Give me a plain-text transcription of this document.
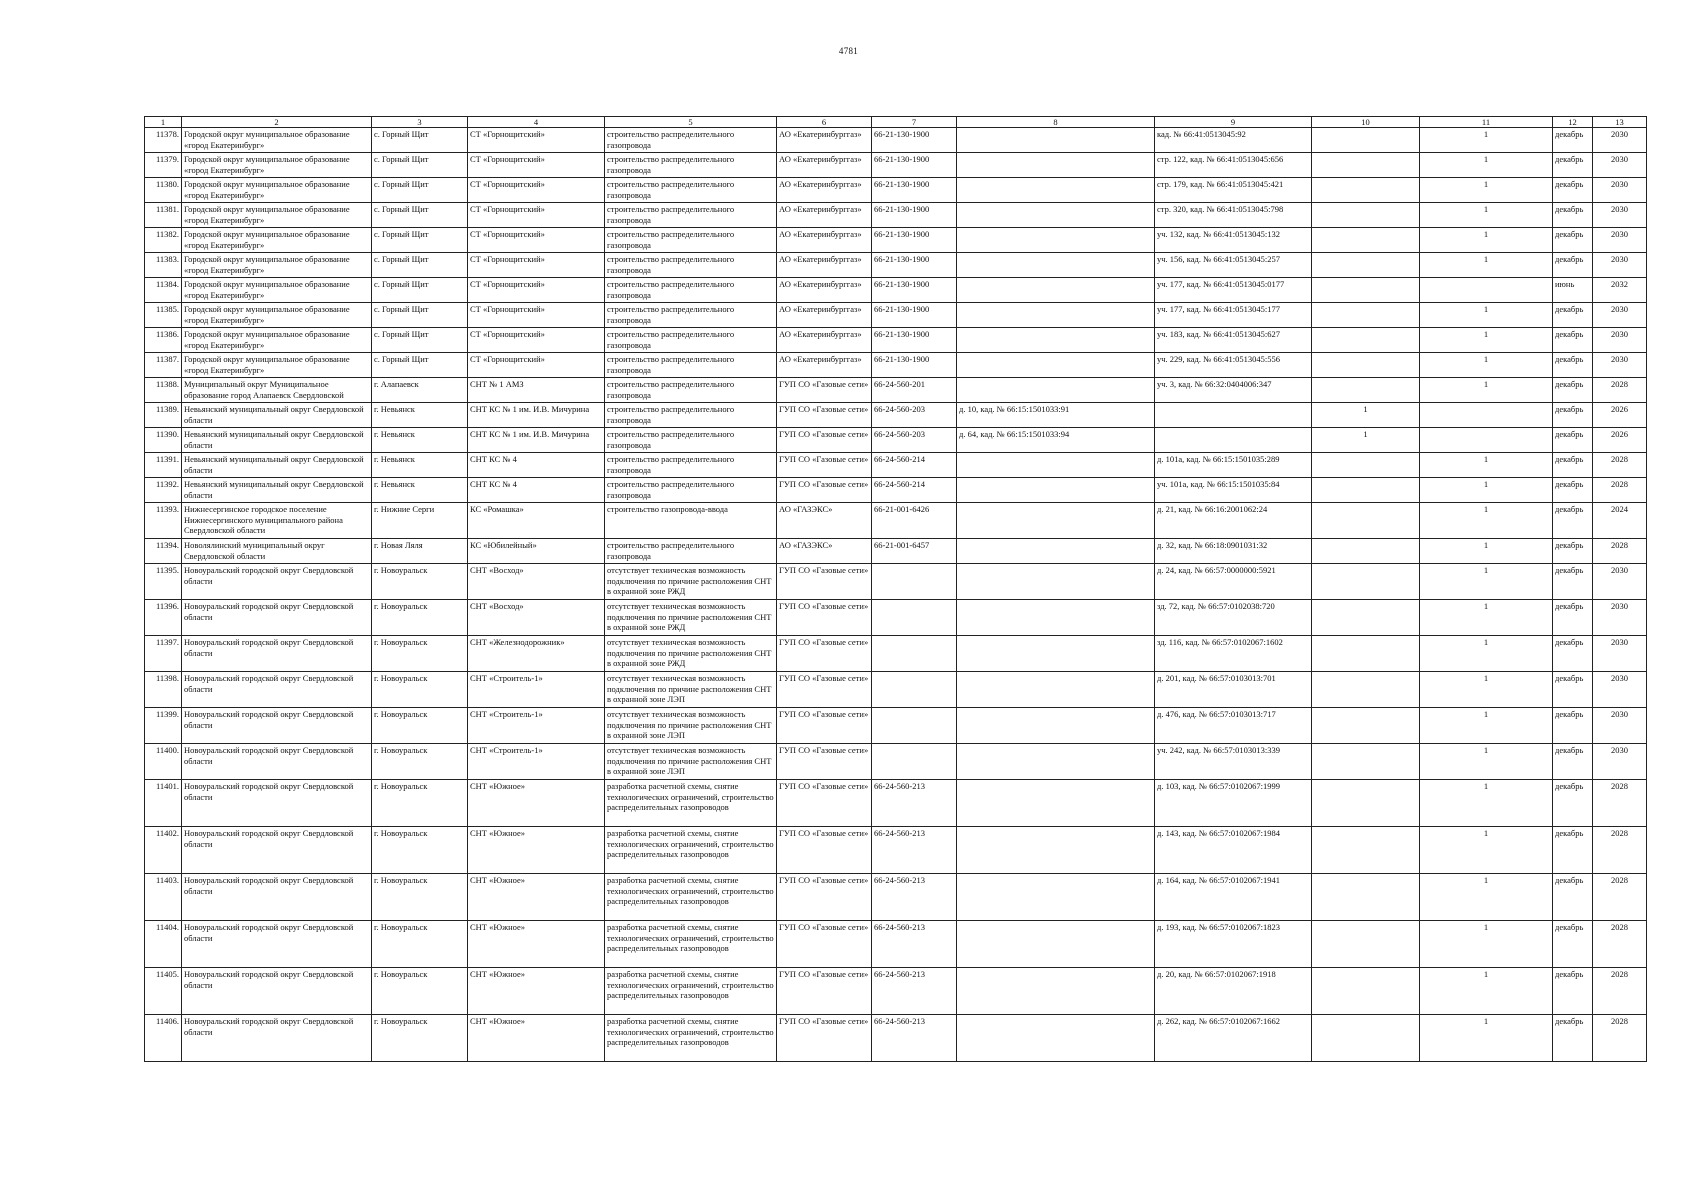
4781
1	2	3	4	5	6	7	8	9	10	11	12	13
11378.	Городской округ муниципальное образование «город Екатеринбург»	с. Горный Щит	СТ «Горнощитский»	строительство распределительного газопровода	АО «Екатеринбурггаз»	66-21-130-1900		кад. № 66:41:0513045:92		1	декабрь	2030
11379.	Городской округ муниципальное образование «город Екатеринбург»	с. Горный Щит	СТ «Горнощитский»	строительство распределительного газопровода	АО «Екатеринбурггаз»	66-21-130-1900		стр. 122, кад. № 66:41:0513045:656		1	декабрь	2030
11380.	Городской округ муниципальное образование «город Екатеринбург»	с. Горный Щит	СТ «Горнощитский»	строительство распределительного газопровода	АО «Екатеринбурггаз»	66-21-130-1900		стр. 179, кад. № 66:41:0513045:421		1	декабрь	2030
11381.	Городской округ муниципальное образование «город Екатеринбург»	с. Горный Щит	СТ «Горнощитский»	строительство распределительного газопровода	АО «Екатеринбурггаз»	66-21-130-1900		стр. 320, кад. № 66:41:0513045:798		1	декабрь	2030
11382.	Городской округ муниципальное образование «город Екатеринбург»	с. Горный Щит	СТ «Горнощитский»	строительство распределительного газопровода	АО «Екатеринбурггаз»	66-21-130-1900		уч. 132, кад. № 66:41:0513045:132		1	декабрь	2030
11383.	Городской округ муниципальное образование «город Екатеринбург»	с. Горный Щит	СТ «Горнощитский»	строительство распределительного газопровода	АО «Екатеринбурггаз»	66-21-130-1900		уч. 156, кад. № 66:41:0513045:257		1	декабрь	2030
11384.	Городской округ муниципальное образование «город Екатеринбург»	с. Горный Щит	СТ «Горнощитский»	строительство распределительного газопровода	АО «Екатеринбурггаз»	66-21-130-1900		уч. 177, кад. № 66:41:0513045:0177			июнь	2032
11385.	Городской округ муниципальное образование «город Екатеринбург»	с. Горный Щит	СТ «Горнощитский»	строительство распределительного газопровода	АО «Екатеринбурггаз»	66-21-130-1900		уч. 177, кад. № 66:41:0513045:177		1	декабрь	2030
11386.	Городской округ муниципальное образование «город Екатеринбург»	с. Горный Щит	СТ «Горнощитский»	строительство распределительного газопровода	АО «Екатеринбурггаз»	66-21-130-1900		уч. 183, кад. № 66:41:0513045:627		1	декабрь	2030
11387.	Городской округ муниципальное образование «город Екатеринбург»	с. Горный Щит	СТ «Горнощитский»	строительство распределительного газопровода	АО «Екатеринбурггаз»	66-21-130-1900		уч. 229, кад. № 66:41:0513045:556		1	декабрь	2030
11388.	Муниципальный округ Муниципальное образование город Алапаевск Свердловской	г. Алапаевск	СНТ № 1 АМЗ	строительство распределительного газопровода	ГУП СО «Газовые сети»	66-24-560-201		уч. 3, кад. № 66:32:0404006:347		1	декабрь	2028
11389.	Невьянский муниципальный округ Свердловской области	г. Невьянск	СНТ КС № 1 им. И.В. Мичурина	строительство распределительного газопровода	ГУП СО «Газовые сети»	66-24-560-203	д. 10, кад. № 66:15:1501033:91		1		декабрь	2026
11390.	Невьянский муниципальный округ Свердловской области	г. Невьянск	СНТ КС № 1 им. И.В. Мичурина	строительство распределительного газопровода	ГУП СО «Газовые сети»	66-24-560-203	д. 64, кад. № 66:15:1501033:94		1		декабрь	2026
11391.	Невьянский муниципальный округ Свердловской области	г. Невьянск	СНТ КС № 4	строительство распределительного газопровода	ГУП СО «Газовые сети»	66-24-560-214		д. 101а, кад. № 66:15:1501035:289		1	декабрь	2028
11392.	Невьянский муниципальный округ Свердловской области	г. Невьянск	СНТ КС № 4	строительство распределительного газопровода	ГУП СО «Газовые сети»	66-24-560-214		уч. 101а, кад. № 66:15:1501035:84		1	декабрь	2028
11393.	Нижнесергинское городское поселение Нижнесергинского муниципального района Свердловской области	г. Нижние Серги	КС «Ромашка»	строительство газопровода-ввода	АО «ГАЗЭКС»	66-21-001-6426		д. 21, кад. № 66:16:2001062:24		1	декабрь	2024
11394.	Новолялинский муниципальный округ Свердловской области	г. Новая Ляля	КС «Юбилейный»	строительство распределительного газопровода	АО «ГАЗЭКС»	66-21-001-6457		д. 32, кад. № 66:18:0901031:32		1	декабрь	2028
11395.	Новоуральский городской округ Свердловской области	г. Новоуральск	СНТ «Восход»	отсутствует техническая возможность подключения по причине расположения СНТ в охранной зоне РЖД	ГУП СО «Газовые сети»			д. 24, кад. № 66:57:0000000:5921		1	декабрь	2030
11396.	Новоуральский городской округ Свердловской области	г. Новоуральск	СНТ «Восход»	отсутствует техническая возможность подключения по причине расположения СНТ в охранной зоне РЖД	ГУП СО «Газовые сети»			зд. 72, кад. № 66:57:0102038:720		1	декабрь	2030
11397.	Новоуральский городской округ Свердловской области	г. Новоуральск	СНТ «Железнодорожник»	отсутствует техническая возможность подключения по причине расположения СНТ в охранной зоне РЖД	ГУП СО «Газовые сети»			зд. 116, кад. № 66:57:0102067:1602		1	декабрь	2030
11398.	Новоуральский городской округ Свердловской области	г. Новоуральск	СНТ «Строитель-1»	отсутствует техническая возможность подключения по причине расположения СНТ в охранной зоне ЛЭП	ГУП СО «Газовые сети»			д. 201, кад. № 66:57:0103013:701		1	декабрь	2030
11399.	Новоуральский городской округ Свердловской области	г. Новоуральск	СНТ «Строитель-1»	отсутствует техническая возможность подключения по причине расположения СНТ в охранной зоне ЛЭП	ГУП СО «Газовые сети»			д. 476, кад. № 66:57:0103013:717		1	декабрь	2030
11400.	Новоуральский городской округ Свердловской области	г. Новоуральск	СНТ «Строитель-1»	отсутствует техническая возможность подключения по причине расположения СНТ в охранной зоне ЛЭП	ГУП СО «Газовые сети»			уч. 242, кад. № 66:57:0103013:339		1	декабрь	2030
11401.	Новоуральский городской округ Свердловской области	г. Новоуральск	СНТ «Южное»	разработка расчетной схемы, снятие технологических ограничений, строительство распределительных газопроводов	ГУП СО «Газовые сети»	66-24-560-213		д. 103, кад. № 66:57:0102067:1999		1	декабрь	2028
11402.	Новоуральский городской округ Свердловской области	г. Новоуральск	СНТ «Южное»	разработка расчетной схемы, снятие технологических ограничений, строительство распределительных газопроводов	ГУП СО «Газовые сети»	66-24-560-213		д. 143, кад. № 66:57:0102067:1984		1	декабрь	2028
11403.	Новоуральский городской округ Свердловской области	г. Новоуральск	СНТ «Южное»	разработка расчетной схемы, снятие технологических ограничений, строительство распределительных газопроводов	ГУП СО «Газовые сети»	66-24-560-213		д. 164, кад. № 66:57:0102067:1941		1	декабрь	2028
11404.	Новоуральский городской округ Свердловской области	г. Новоуральск	СНТ «Южное»	разработка расчетной схемы, снятие технологических ограничений, строительство распределительных газопроводов	ГУП СО «Газовые сети»	66-24-560-213		д. 193, кад. № 66:57:0102067:1823		1	декабрь	2028
11405.	Новоуральский городской округ Свердловской области	г. Новоуральск	СНТ «Южное»	разработка расчетной схемы, снятие технологических ограничений, строительство распределительных газопроводов	ГУП СО «Газовые сети»	66-24-560-213		д. 20, кад. № 66:57:0102067:1918		1	декабрь	2028
11406.	Новоуральский городской округ Свердловской области	г. Новоуральск	СНТ «Южное»	разработка расчетной схемы, снятие технологических ограничений, строительство распределительных газопроводов	ГУП СО «Газовые сети»	66-24-560-213		д. 262, кад. № 66:57:0102067:1662		1	декабрь	2028
